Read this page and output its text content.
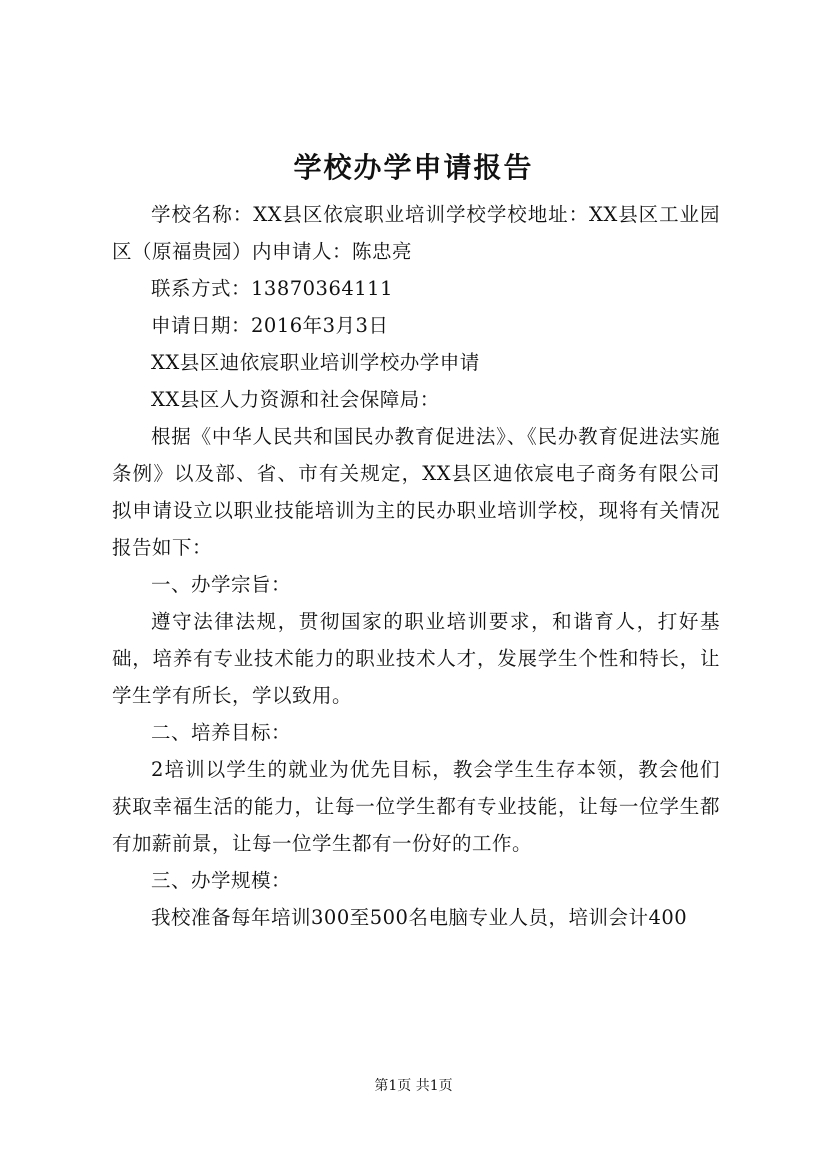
学校办学申请报告

学校名称：XX县区依宸职业培训学校学校地址：XX县区工业园区（原福贵园）内申请人：陈忠亮

联系方式：13870364111

申请日期：2016年3月3日

XX县区迪依宸职业培训学校办学申请

XX县区人力资源和社会保障局：

根据《中华人民共和国民办教育促进法》、《民办教育促进法实施条例》以及部、省、市有关规定，XX县区迪依宸电子商务有限公司拟申请设立以职业技能培训为主的民办职业培训学校，现将有关情况报告如下：

一、办学宗旨：

遵守法律法规，贯彻国家的职业培训要求，和谐育人，打好基础，培养有专业技术能力的职业技术人才，发展学生个性和特长，让学生学有所长，学以致用。

二、培养目标：

2培训以学生的就业为优先目标，教会学生生存本领，教会他们获取幸福生活的能力，让每一位学生都有专业技能，让每一位学生都有加薪前景，让每一位学生都有一份好的工作。

三、办学规模：

我校准备每年培训300至500名电脑专业人员，培训会计400

第1页 共1页
